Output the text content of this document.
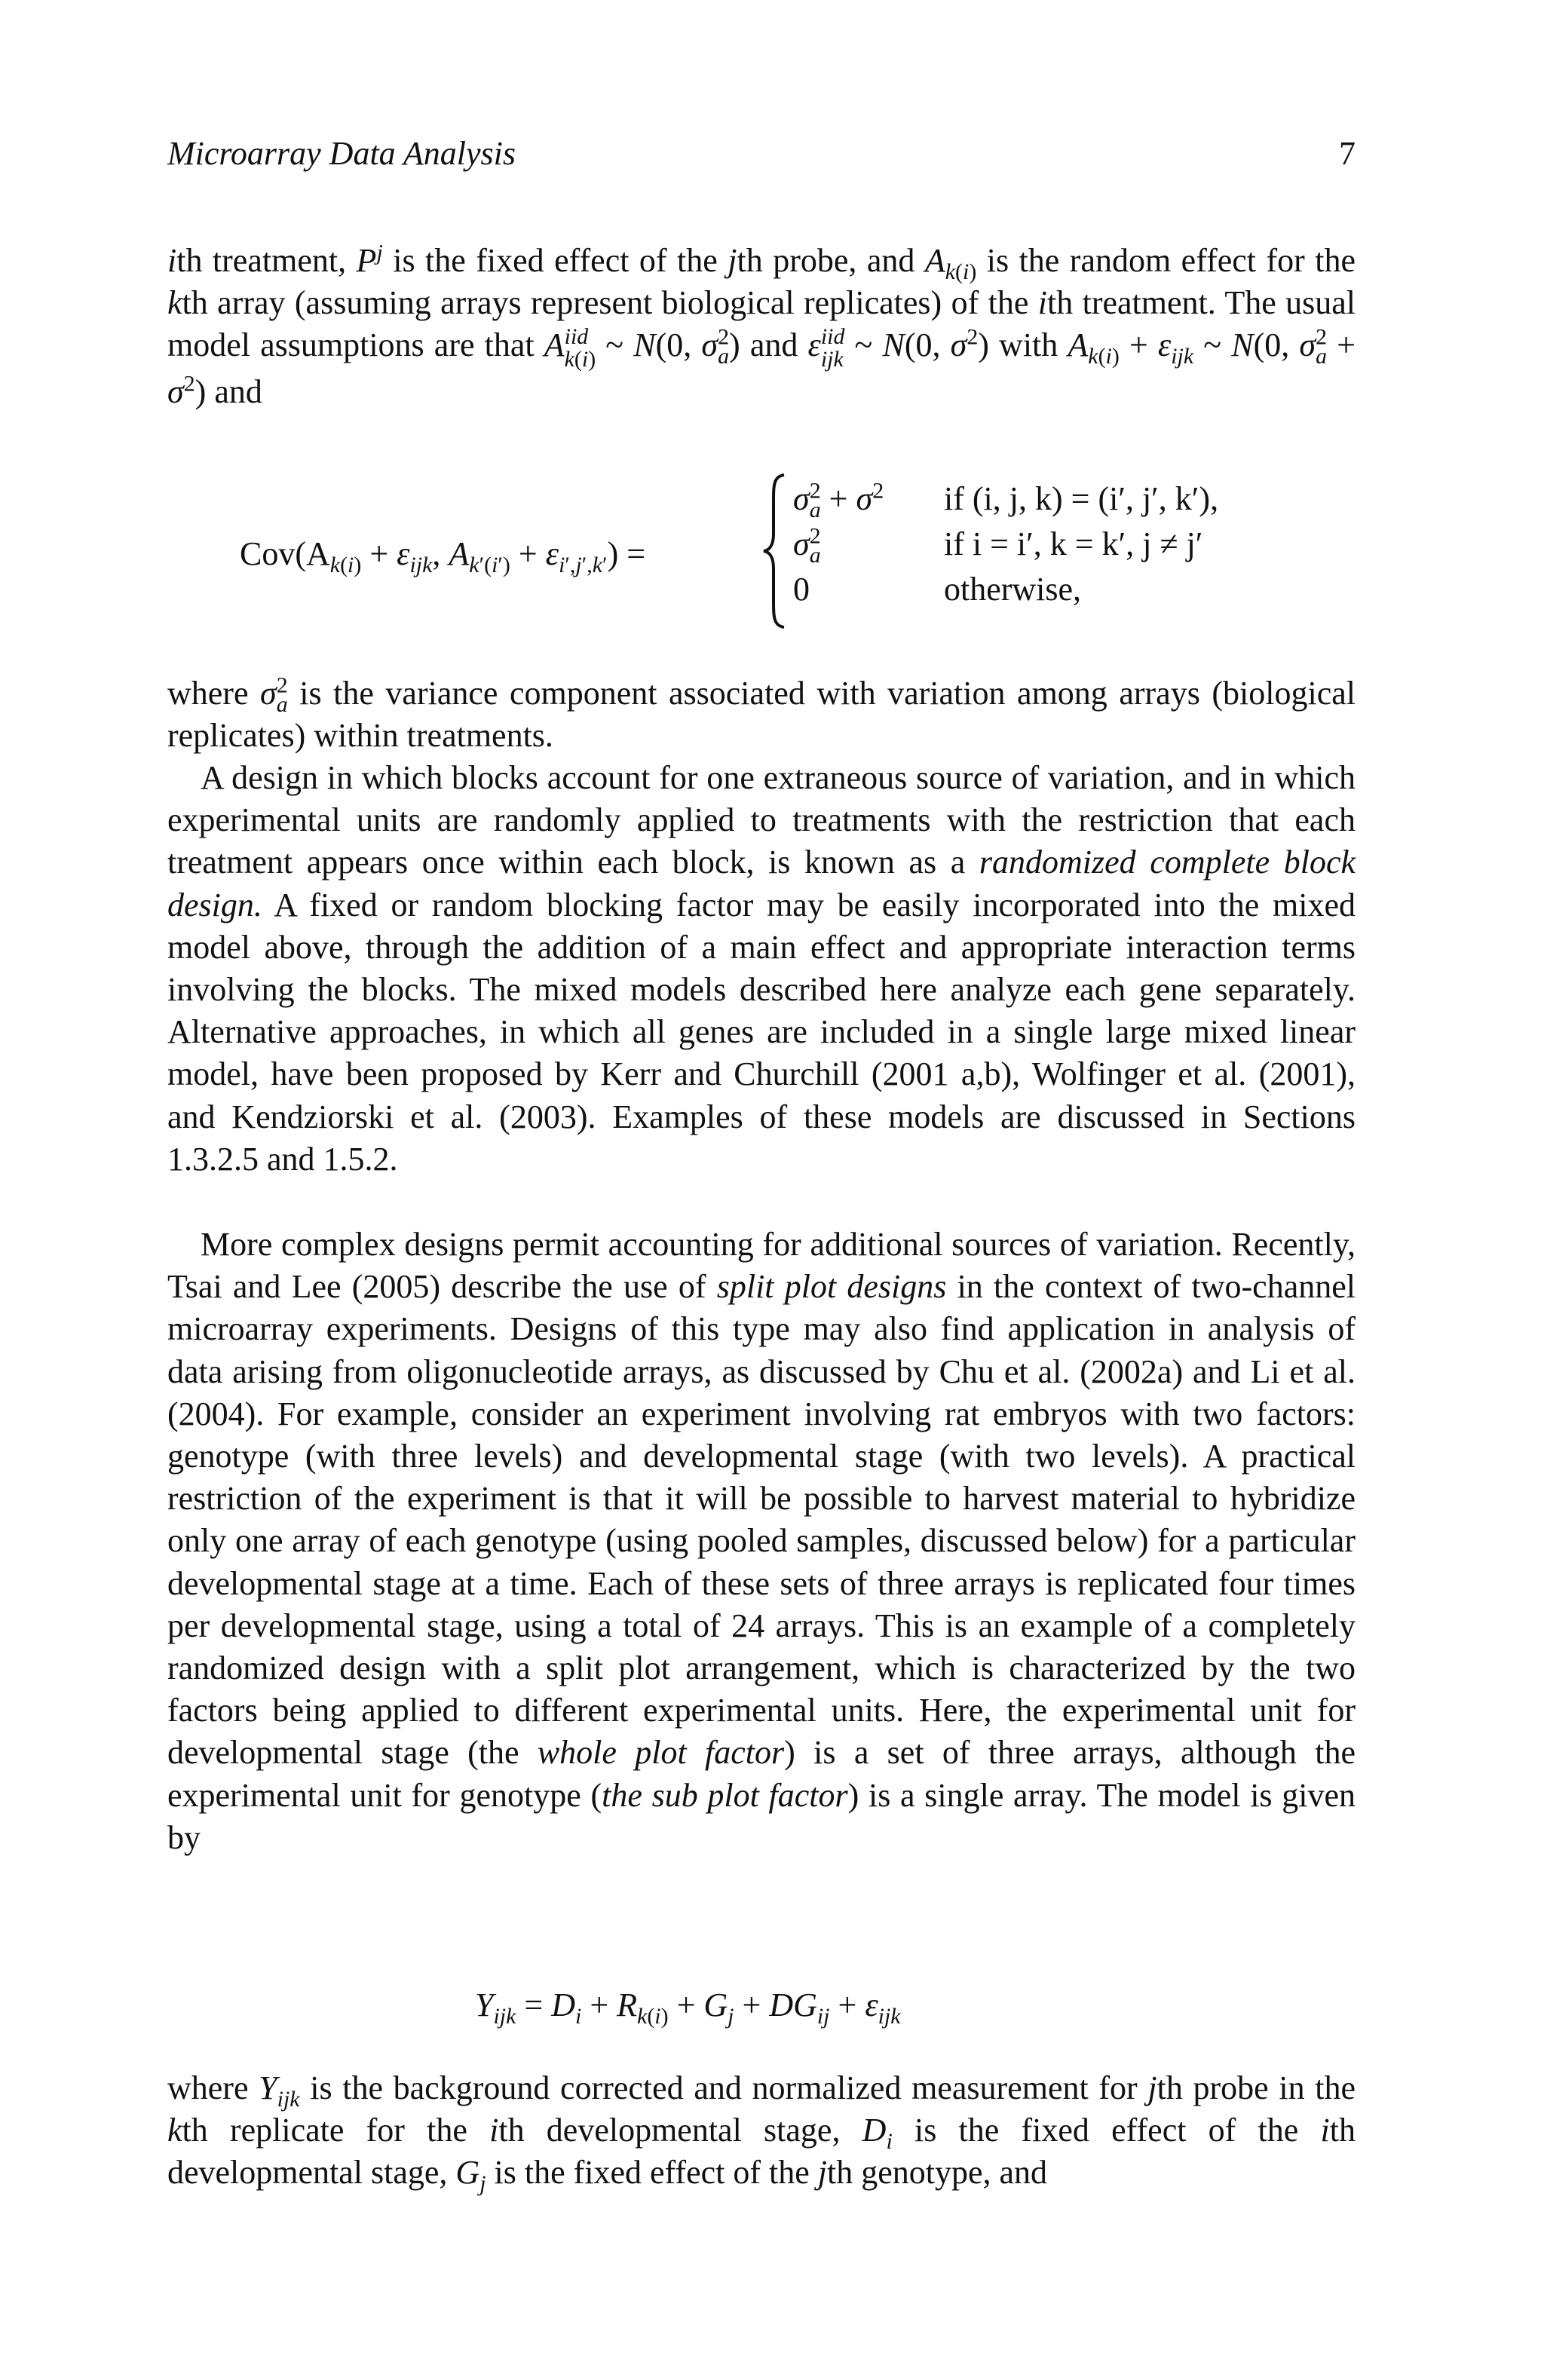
Microarray Data Analysis	7

ith treatment, $P^j$ is the fixed effect of the jth probe, and $A_{k(i)}$ is the random effect for the kth array (assuming arrays represent biological replicates) of the ith treatment. The usual model assumptions are that A iid
k(i) ~ N(0, $\sigma^2_a$) and ε iid
ijk ~ N(0, $\sigma^2$) with $A_{k(i)} + \varepsilon_{ijk}$ ~ N(0, $\sigma^2_a + \sigma^2$) and

$Cov(A_{k(i)} + \varepsilon_{ijk}$, $A_{k'(i')} + \varepsilon_{i',j',k'}$) =
$\sigma^2_a + \sigma^2$ if (i, j, k) = (i′, j′, k′),
$\sigma^2_a$	if i = i′, k = k′, j ≠ j′
0	otherwise,

where $\sigma^2_a$ is the variance component associated with variation among arrays (biological replicates) within treatments.

A design in which blocks account for one extraneous source of variation, and in which experimental units are randomly applied to treatments with the restriction that each treatment appears once within each block, is known as a randomized complete block design. A fixed or random blocking factor may be easily incorporated into the mixed model above, through the addition of a main effect and appropriate interaction terms involving the blocks. The mixed models described here analyze each gene separately. Alternative approaches, in which all genes are included in a single large mixed linear model, have been proposed by Kerr and Churchill (2001 a,b), Wolfinger et al. (2001), and Kendziorski et al. (2003). Examples of these models are discussed in Sections 1.3.2.5 and 1.5.2.

More complex designs permit accounting for additional sources of variation. Recently, Tsai and Lee (2005) describe the use of split plot designs in the context of two-channel microarray experiments. Designs of this type may also find application in analysis of data arising from oligonucleotide arrays, as discussed by Chu et al. (2002a) and Li et al. (2004). For example, consider an experiment involving rat embryos with two factors: genotype (with three levels) and developmental stage (with two levels). A practical restriction of the experiment is that it will be possible to harvest material to hybridize only one array of each genotype (using pooled samples, discussed below) for a particular developmental stage at a time. Each of these sets of three arrays is replicated four times per developmental stage, using a total of 24 arrays. This is an example of a completely randomized design with a split plot arrangement, which is characterized by the two factors being applied to different experimental units. Here, the experimental unit for developmental stage (the whole plot factor) is a set of three arrays, although the experimental unit for genotype (the sub plot factor) is a single array. The model is given by

$Y_{ijk} = D_i + R_{k(i)} + G_j + DG_{ij} + \varepsilon_{ijk}$

where $Y_{ijk}$ is the background corrected and normalized measurement for jth probe in the kth replicate for the ith developmental stage, $D_i$ is the fixed effect of the ith developmental stage, $G_j$ is the fixed effect of the jth genotype, and
